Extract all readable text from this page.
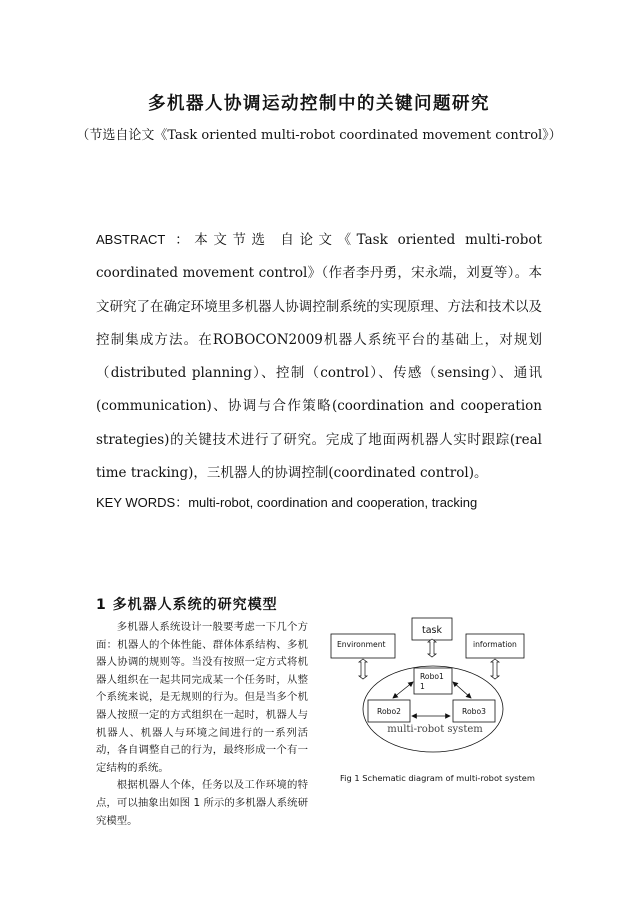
多机器人协调运动控制中的关键问题研究
（节选自论文《Task oriented multi-robot coordinated movement control》）
ABSTRACT ：本文节选 自论文《Task oriented multi-robot coordinated movement control》（作者李丹勇，宋永端，刘夏等）。本文研究了在确定环境里多机器人协调控制系统的实现原理、方法和技术以及控制集成方法。在ROBOCON2009机器人系统平台的基础上，对规划（distributed planning）、控制（control）、传感（sensing）、通讯(communication)、协调与合作策略(coordination and cooperation strategies)的关键技术进行了研究。完成了地面两机器人实时跟踪(real time tracking)，三机器人的协调控制(coordinated control)。
KEY WORDS：multi-robot, coordination and cooperation, tracking
1 多机器人系统的研究模型

多机器人系统设计一般要考虑一下几个方面：机器人的个体性能、群体体系结构、多机器人协调的规则等。当没有按照一定方式将机器人组织在一起共同完成某一个任务时，从整个系统来说，是无规则的行为。但是当多个机器人按照一定的方式组织在一起时，机器人与机器人、机器人与环境之间进行的一系列活动，各自调整自己的行为，最终形成一个有一定结构的系统。

根据机器人个体，任务以及工作环境的特点，可以抽象出如图 1 所示的多机器人系统研究模型。

task
Environment	information
Robo1
1
Robo2	Robo3
multi-robot system
Fig 1 Schematic diagram of multi-robot system
